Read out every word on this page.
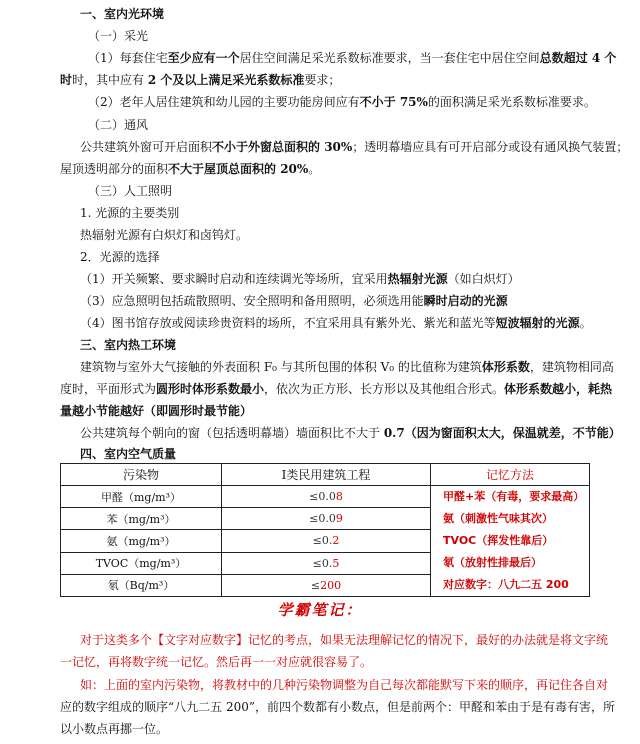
一、室内光环境
（一）采光
（1）每套住宅至少应有一个居住空间满足采光系数标准要求，当一套住宅中居住空间总数超过 4 个
时时，其中应有 2 个及以上满足采光系数标准要求；
（2）老年人居住建筑和幼儿园的主要功能房间应有不小于 75%的面积满足采光系数标准要求。
（二）通风
公共建筑外窗可开启面积不小于外窗总面积的 30%；透明幕墙应具有可开启部分或设有通风换气装置；
屋顶透明部分的面积不大于屋顶总面积的 20%。
（三）人工照明
1. 光源的主要类别
热辐射光源有白炽灯和卤钨灯。
2．光源的选择
（1）开关频繁、要求瞬时启动和连续调光等场所，宜采用热辐射光源（如白炽灯）
（3）应急照明包括疏散照明、安全照明和备用照明，必须选用能瞬时启动的光源
（4）图书馆存放或阅读珍贵资料的场所，不宜采用具有紫外光、紫光和蓝光等短波辐射的光源。
三、室内热工环境
建筑物与室外大气接触的外表面积 F₀ 与其所包围的体积 V₀ 的比值称为建筑体形系数，建筑物相同高
度时，平面形式为圆形时体形系数最小，依次为正方形、长方形以及其他组合形式。体形系数越小，耗热
量越小节能越好（即圆形时最节能）
公共建筑每个朝向的窗（包括透明幕墙）墙面积比不大于 0.7（因为窗面积太大，保温就差，不节能）
四、室内空气质量
污染物	Ⅰ类民用建筑工程	记忆方法
甲醛（mg/m³）	≤0.08	甲醛+苯（有毒，要求最高）
氨（刺激性气味其次）
TVOC（挥发性靠后）
氡（放射性排最后）
对应数字：八九二五 200

苯（mg/m³）	≤0.09	
氨（mg/m³）	≤0.2	
TVOC（mg/m³）	≤0.5	
氡（Bq/m³）	≤200	
学霸笔记：
对于这类多个【文字对应数字】记忆的考点，如果无法理解记忆的情况下，最好的办法就是将文字统
一记忆，再将数字统一记忆。然后再一一对应就很容易了。
如：上面的室内污染物，将教材中的几种污染物调整为自己每次都能默写下来的顺序，再记住各自对
应的数字组成的顺序“八九二五 200”，前四个数都有小数点，但是前两个：甲醛和苯由于是有毒有害，所
以小数点再挪一位。
